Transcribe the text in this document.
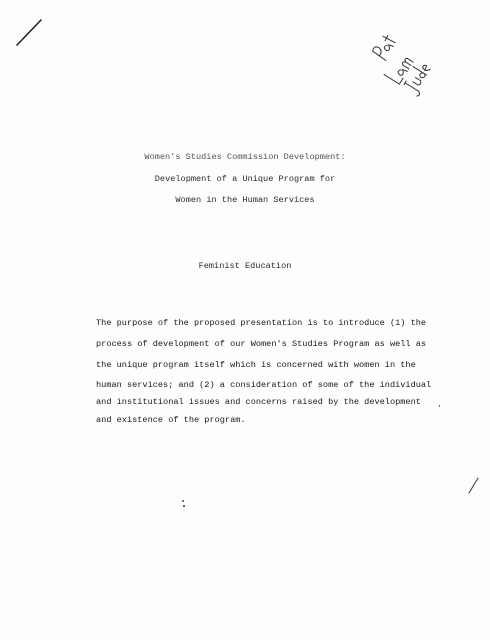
Women's Studies Commission Development:
Development of a Unique Program for
Women in the Human Services
Feminist Education
The purpose of the proposed presentation is to introduce (1) the
process of development of our Women's Studies Program as well as
the unique program itself which is concerned with women in the
human services; and (2) a consideration of some of the individual
and institutional issues and concerns raised by the development
and existence of the program.
